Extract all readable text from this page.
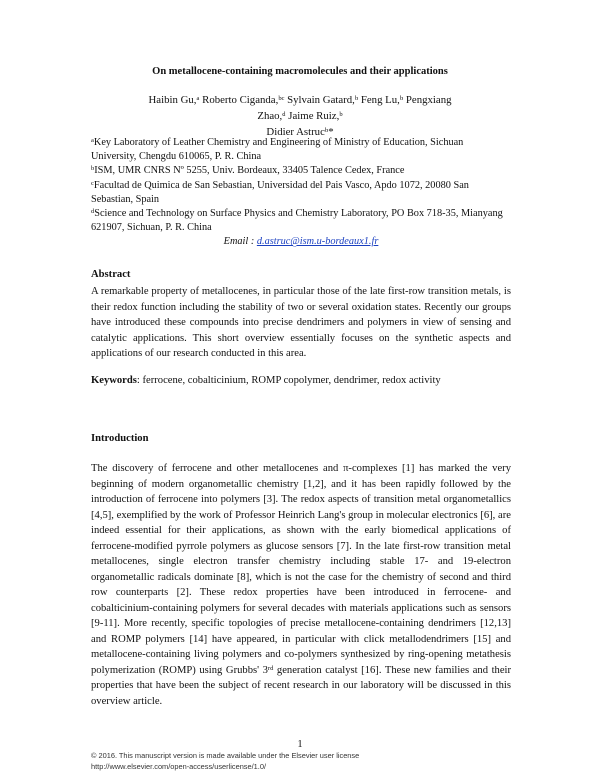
On metallocene-containing macromolecules and their applications
Haibin Gu,ᵃ Roberto Ciganda,ᵇᶜ Sylvain Gatard,ᵇ Feng Lu,ᵇ Pengxiang Zhao,ᵈ Jaime Ruiz,ᵇ
Didier Astrucᵇ*

$^a$Key Laboratory of Leather Chemistry and Engineering of Ministry of Education, Sichuan University, Chengdu 610065, P. R. China

$^b$ISM, UMR CNRS Nº 5255, Univ. Bordeaux, 33405 Talence Cedex, France

$^c$Facultad de Quimica de San Sebastian, Universidad del Pais Vasco, Apdo 1072, 20080 San Sebastian, Spain

$^d$Science and Technology on Surface Physics and Chemistry Laboratory, PO Box 718-35, Mianyang 621907, Sichuan, P. R. China

Email : d.astruc@ism.u-bordeaux1.fr

Abstract
A remarkable property of metallocenes, in particular those of the late first-row transition metals, is their redox function including the stability of two or several oxidation states. Recently our groups have introduced these compounds into precise dendrimers and polymers in view of sensing and catalytic applications. This short overview essentially focuses on the synthetic aspects and applications of our research conducted in this area.
Keywords: ferrocene, cobalticinium, ROMP copolymer, dendrimer, redox activity
Introduction
The discovery of ferrocene and other metallocenes and π-complexes [1] has marked the very beginning of modern organometallic chemistry [1,2], and it has been rapidly followed by the introduction of ferrocene into polymers [3]. The redox aspects of transition metal organometallics [4,5], exemplified by the work of Professor Heinrich Lang's group in molecular electronics [6], are indeed essential for their applications, as shown with the early biomedical applications of ferrocene-modified pyrrole polymers as glucose sensors [7]. In the late first-row transition metal metallocenes, single electron transfer chemistry including stable 17- and 19-electron organometallic radicals dominate [8], which is not the case for the chemistry of second and third row counterparts [2]. These redox properties have been introduced in ferrocene- and cobalticinium-containing polymers for several decades with materials applications such as sensors [9-11]. More recently, specific topologies of precise metallocene-containing dendrimers [12,13] and ROMP polymers [14] have appeared, in particular with click metallodendrimers [15] and metallocene-containing living polymers and co-polymers synthesized by ring-opening metathesis polymerization (ROMP) using Grubbs' 3rd generation catalyst [16]. These new families and their properties that have been the subject of recent research in our laboratory will be discussed in this overview article.
1
© 2016. This manuscript version is made available under the Elsevier user license
http://www.elsevier.com/open-access/userlicense/1.0/
